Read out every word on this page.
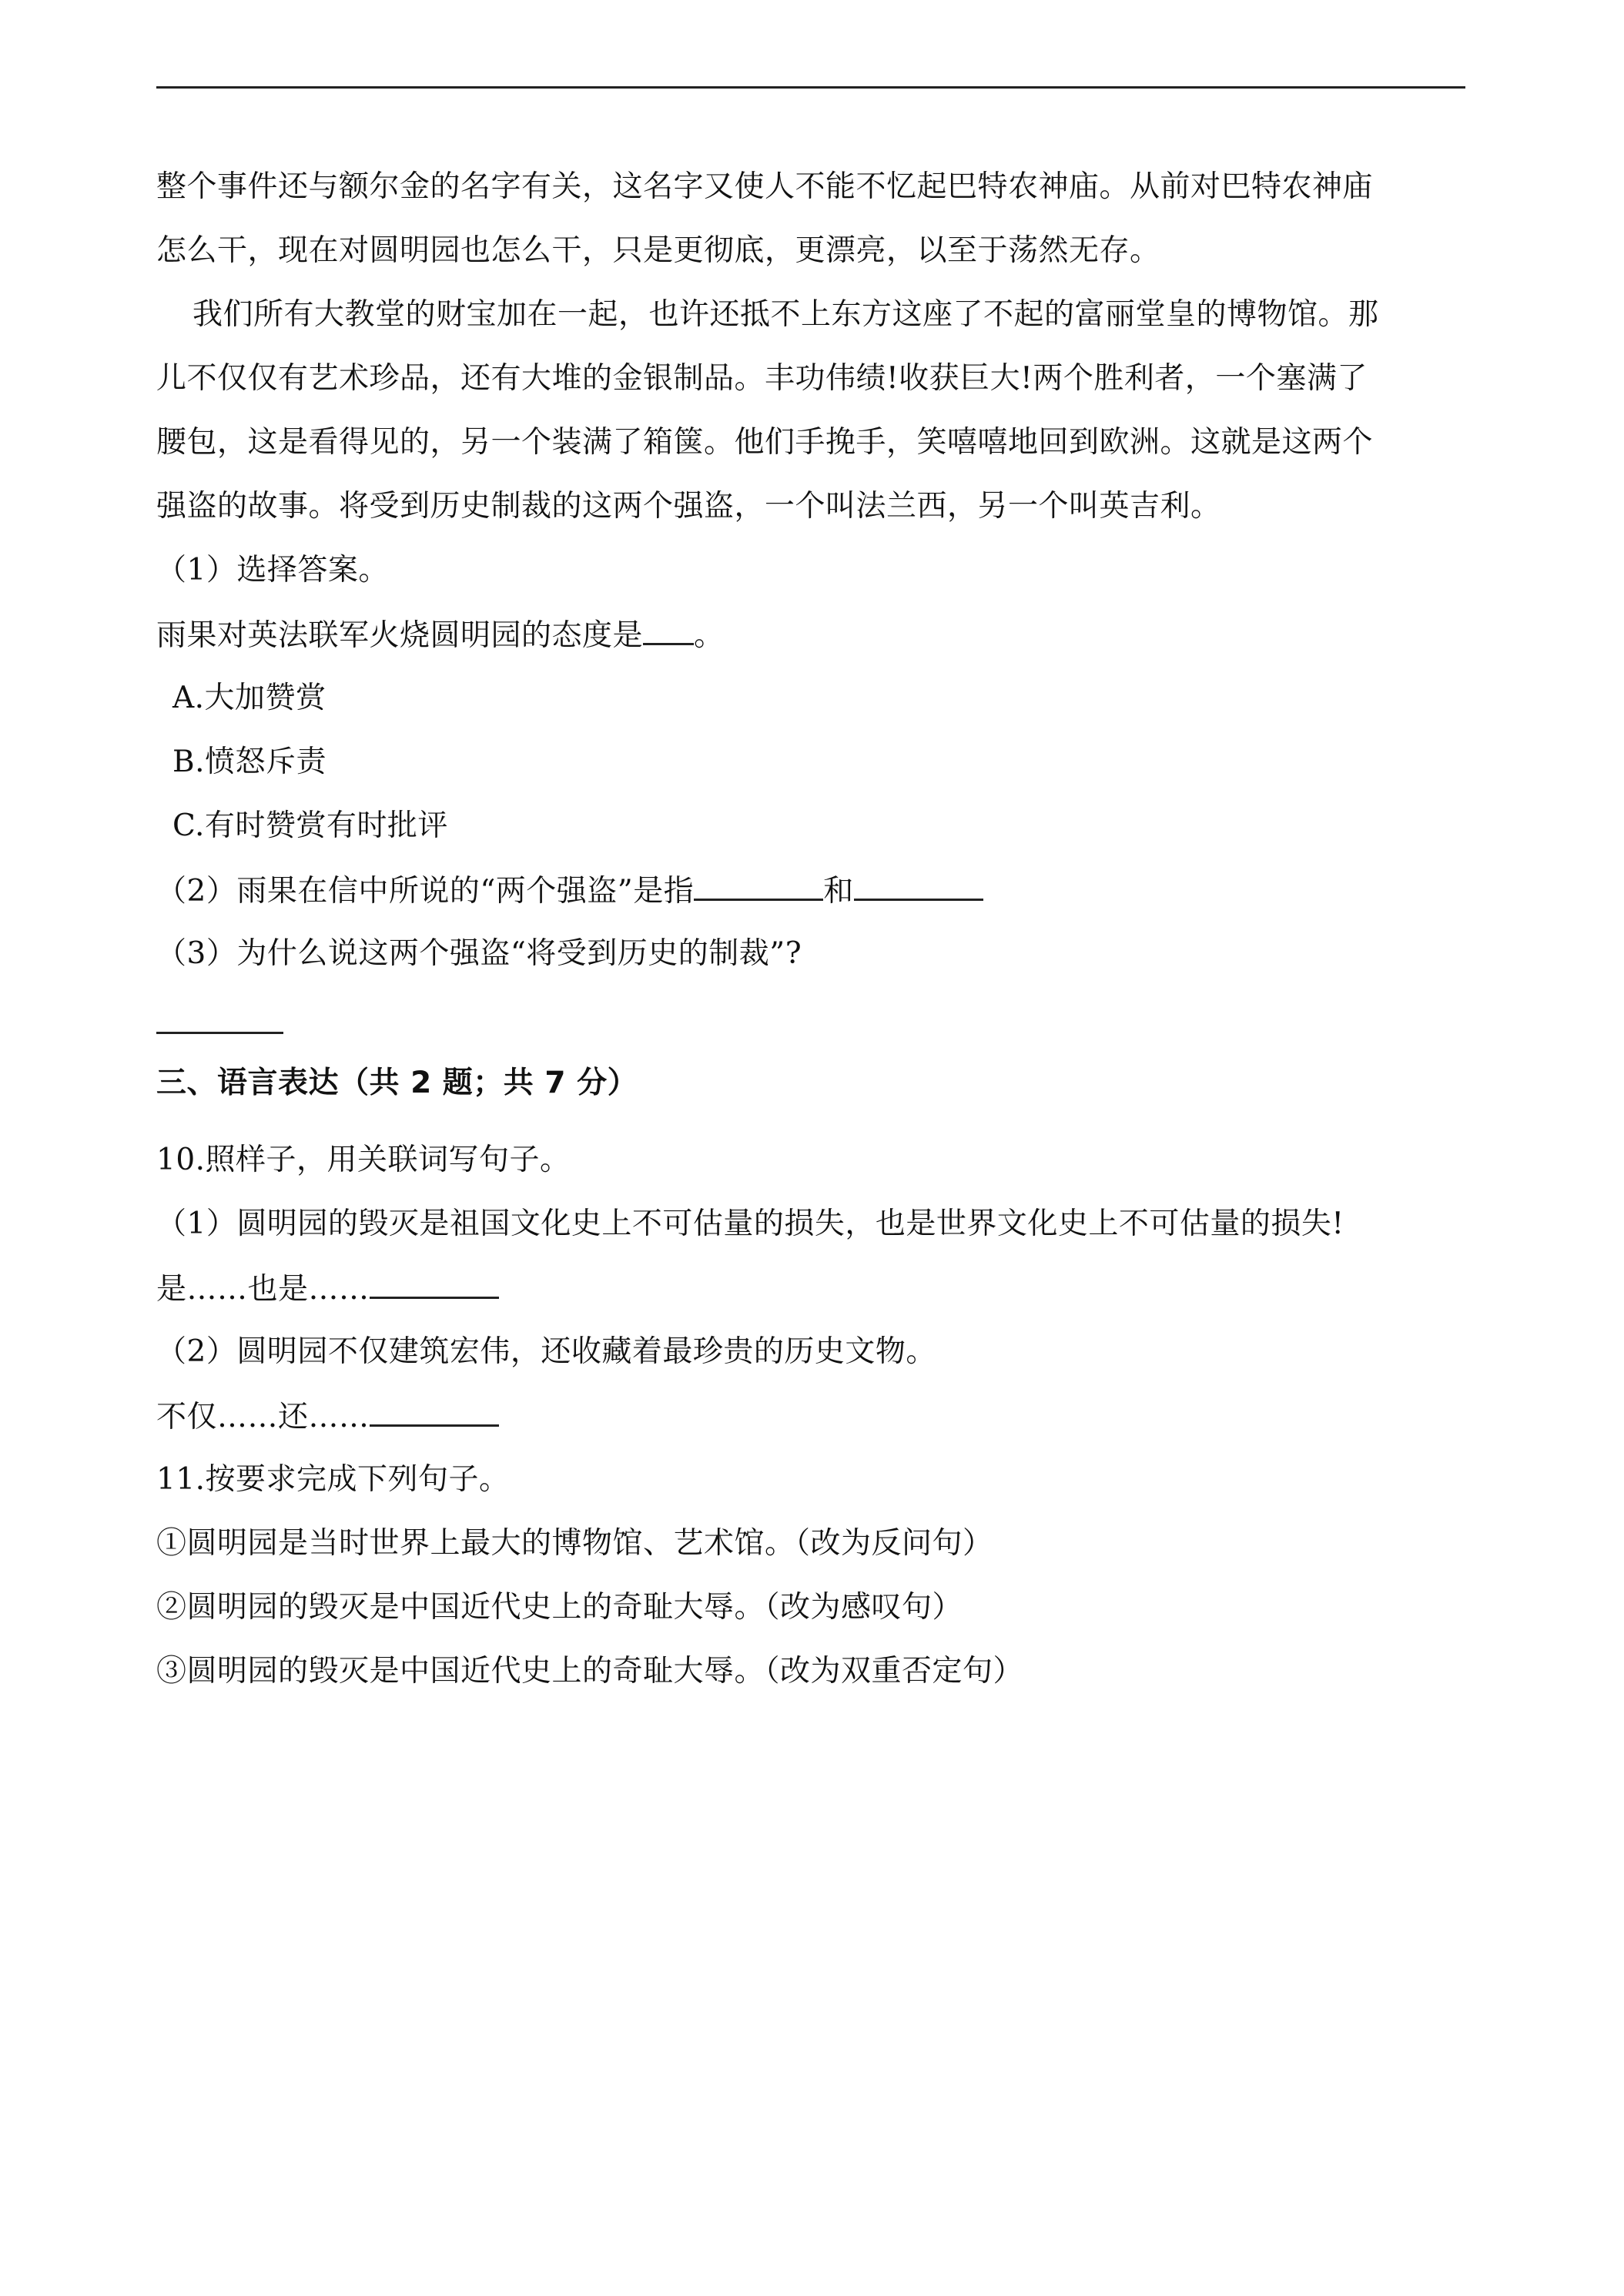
整个事件还与额尔金的名字有关，这名字又使人不能不忆起巴特农神庙。从前对巴特农神庙
怎么干，现在对圆明园也怎么干，只是更彻底，更漂亮，以至于荡然无存。
我们所有大教堂的财宝加在一起，也许还抵不上东方这座了不起的富丽堂皇的博物馆。那
儿不仅仅有艺术珍品，还有大堆的金银制品。丰功伟绩!收获巨大!两个胜利者，一个塞满了
腰包，这是看得见的，另一个装满了箱箧。他们手挽手，笑嘻嘻地回到欧洲。这就是这两个
强盗的故事。将受到历史制裁的这两个强盗，一个叫法兰西，另一个叫英吉利。
（1）选择答案。
雨果对英法联军火烧圆明园的态度是 。
A.大加赞赏
B.愤怒斥责
C.有时赞赏有时批评
（2）雨果在信中所说的“两个强盗”是指	和
（3）为什么说这两个强盗“将受到历史的制裁”?
三、语言表达（共 2 题；共 7 分）
10.照样子，用关联词写句子。
（1）圆明园的毁灭是祖国文化史上不可估量的损失，也是世界文化史上不可估量的损失!
是……也是……
（2）圆明园不仅建筑宏伟，还收藏着最珍贵的历史文物。
不仅……还……
11.按要求完成下列句子。
①圆明园是当时世界上最大的博物馆、艺术馆。（改为反问句）
②圆明园的毁灭是中国近代史上的奇耻大辱。（改为感叹句）
③圆明园的毁灭是中国近代史上的奇耻大辱。（改为双重否定句）
